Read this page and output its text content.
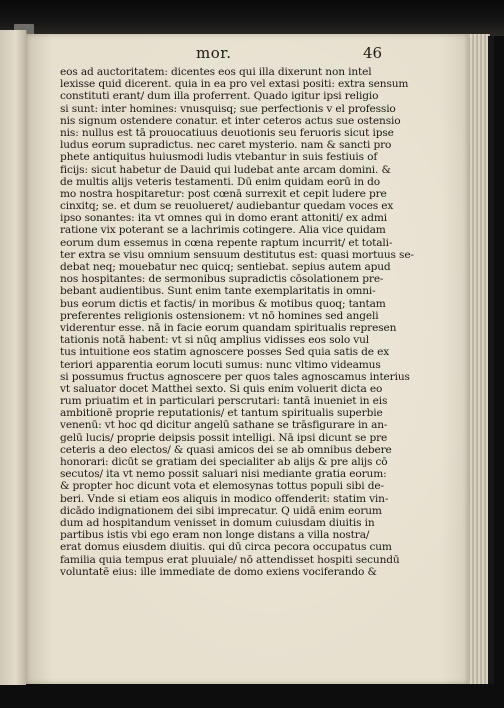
mor.	46
eos ad auctoritatem: dicentes eos qui illa dixerunt non intel
lexisse quid dicerent. quia in ea pro vel extasi positi: extra sensum
constituti erant/ dum illa proferrent. Quado igitur ipsi religio
si sunt: inter homines: vnusquisq; sue perfectionis v el professio
nis signum ostendere conatur. et inter ceteros actus sue ostensio
nis: nullus est tā prouocatiuus deuotionis seu feruoris sicut ipse
ludus eorum supradictus. nec caret mysterio. nam & sancti pro
phete antiquitus huiusmodi ludis vtebantur in suis festiuis of
ficijs: sicut habetur de Dauid qui ludebat ante arcam domini. &
de multis alijs veteris testamenti. Dū enim quidam eorū in do
mo nostra hospitaretur: post cœnā surrexit et cepit ludere pre
cinxitq; se. et dum se reuolueret/ audiebantur quedam voces ex
ipso sonantes: ita vt omnes qui in domo erant attoniti/ ex admi
ratione vix poterant se a lachrimis cotingere. Alia vice quidam
eorum dum essemus in cœna repente raptum incurrit/ et totali-
ter extra se visu omnium sensuum destitutus est: quasi mortuus se-
debat neq; mouebatur nec quicq; sentiebat. sepius autem apud
nos hospitantes: de sermonibus supradictis cōsolationem pre-
bebant audientibus. Sunt enim tante exemplaritatis in omni-
bus eorum dictis et factis/ in moribus & motibus quoq; tantam
preferentes religionis ostensionem: vt nō homines sed angeli
viderentur esse. nā in facie eorum quandam spiritualis represen
tationis notā habent: vt si nūq amplius vidisses eos solo vul
tus intuitione eos statim agnoscere posses Sed quia satis de ex
teriori apparentia eorum locuti sumus: nunc vltimo videamus
si possumus fructus agnoscere per quos tales agnoscamus interius
vt saluator docet Matthei sexto. Si quis enim voluerit dicta eo
rum priuatim et in particulari perscrutari: tantā inueniet in eis
ambitionē proprie reputationis/ et tantum spiritualis superbie
venenū: vt hoc qd dicitur angelū sathane se trāsfigurare in an-
gelū lucis/ proprie deipsis possit intelligi. Nā ipsi dicunt se pre
ceteris a deo electos/ & quasi amicos dei se ab omnibus debere
honorari: dicūt se gratiam dei specialiter ab alijs & pre alijs cō
secutos/ ita vt nemo possit saluari nisi mediante gratia eorum:
& propter hoc dicunt vota et elemosynas tottus populi sibi de-
beri. Vnde si etiam eos aliquis in modico offenderit: statim vin-
dicādo indignationem dei sibi imprecatur. Q uidā enim eorum
dum ad hospitandum venisset in domum cuiusdam diuitis in
partibus istis vbi ego eram non longe distans a villa nostra/
erat domus eiusdem diuitis. qui dū circa pecora occupatus cum
familia quia tempus erat pluuiale/ nō attendisset hospiti secundū
voluntatē eius: ille immediate de domo exiens vociferando &
